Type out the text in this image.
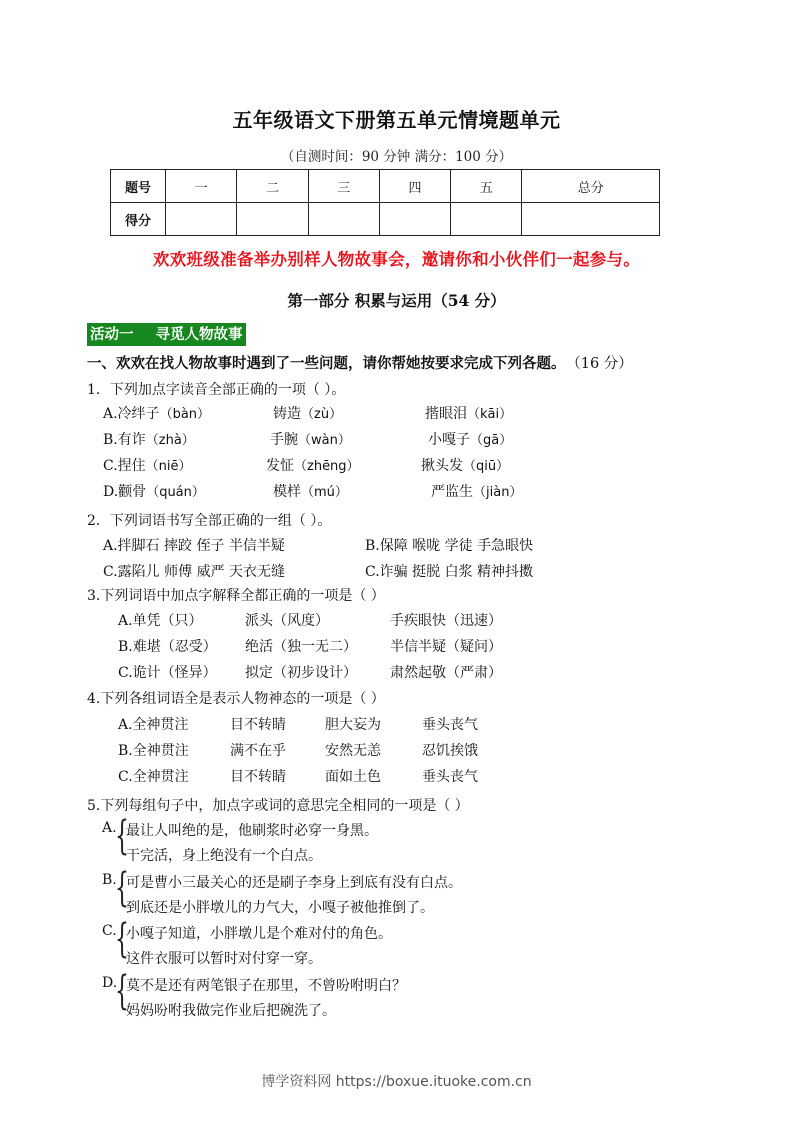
五年级语文下册第五单元情境题单元
（自测时间：90 分钟 满分：100 分）
题号	一	二	三	四	五	总分
得分						
欢欢班级准备举办别样人物故事会，邀请你和小伙伴们一起参与。
第一部分 积累与运用（54 分）
活动一 寻觅人物故事
一、欢欢在找人物故事时遇到了一些问题，请你帮她按要求完成下列各题。 （16 分）
1．下列加点字读音全部正确的一项（ ）。
A.冷绊子（bàn）	铸造（zù）	揩眼泪（kāi）
B.有诈（zhà）	手腕（wàn）	小嘎子（gā）
C.捏住（niē）	发怔（zhēng）	揪头发（qiū）
D.颧骨（quán）	模样（mú）	严监生（jiàn）
2．下列词语书写全部正确的一组（ ）。
A.拌脚石 摔跤 侄子 半信半疑	B.保障 喉咙 学徒 手急眼快
C.露陷儿 师傅 威严 天衣无缝	C.诈骗 挺脱 白浆 精神抖擞
3.下列词语中加点字解释全都正确的一项是（ ）
A.单凭（只）	派头（风度）	手疾眼快（迅速）
B.难堪（忍受） 绝活（独一无二） 半信半疑（疑问）
C.诡计（怪异） 拟定（初步设计） 肃然起敬（严肃）
4.下列各组词语全是表示人物神态的一项是（ ）
A.全神贯注	目不转睛	胆大妄为	垂头丧气
B.全神贯注	满不在乎	安然无恙	忍饥挨饿
C.全神贯注	目不转睛	面如土色	垂头丧气
5.下列每组句子中，加点字或词的意思完全相同的一项是（ ）
A.
{
最让人叫绝的是，他刷浆时必穿一身黑。
干完活，身上绝没有一个白点。
B.
{
可是曹小三最关心的还是刷子李身上到底有没有白点。
到底还是小胖墩儿的力气大，小嘎子被他推倒了。
C.
{
小嘎子知道，小胖墩儿是个难对付的角色。
这件衣服可以暂时对付穿一穿。
D.
{
莫不是还有两笔银子在那里，不曾吩咐明白？
妈妈吩咐我做完作业后把碗洗了。
博学资料网 https://boxue.ituoke.com.cn
